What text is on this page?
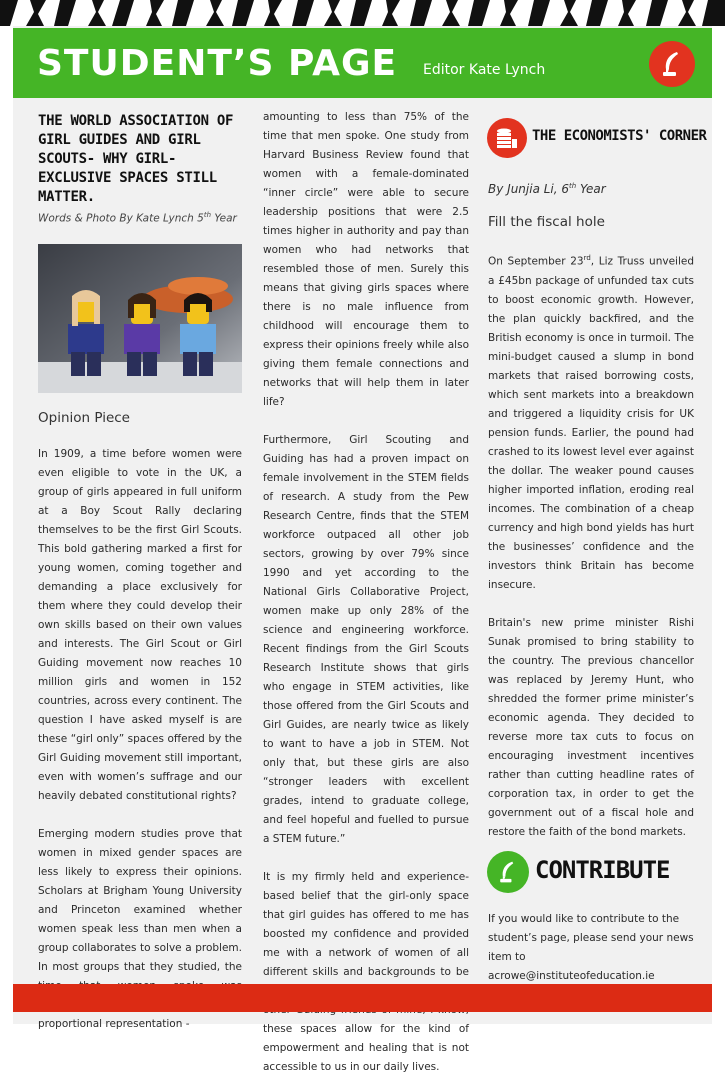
STUDENT’S PAGE Editor Kate Lynch
THE WORLD ASSOCIATION OF GIRL GUIDES AND GIRL SCOUTS- WHY GIRL-EXCLUSIVE SPACES STILL MATTER.
Words & Photo By Kate Lynch 5th Year
Opinion Piece

In 1909, a time before women were even eligible to vote in the UK, a group of girls appeared in full uniform at a Boy Scout Rally declaring themselves to be the first Girl Scouts. This bold gathering marked a first for young women, coming together and demanding a place exclusively for them where they could develop their own skills based on their own values and interests. The Girl Scout or Girl Guiding movement now reaches 10 million girls and women in 152 countries, across every continent. The question I have asked myself is are these “girl only” spaces offered by the Girl Guiding movement still important, even with women’s suffrage and our heavily debated constitutional rights?

Emerging modern studies prove that women in mixed gender spaces are less likely to express their opinions. Scholars at Brigham Young University and Princeton examined whether women speak less than men when a group collaborates to solve a problem. In most groups that they studied, the proportional representation -

amounting to less than 75% of the time that men spoke. One study from Harvard Business Review found that women with a female-dominated “inner circle” were able to secure leadership positions that were 2.5 times higher in authority and pay than women who had networks that resembled those of men. Surely this means that giving girls spaces where there is no male influence from childhood will encourage them to express their opinions freely while also giving them female connections and networks that will help them in later life?

Furthermore, Girl Scouting and Guiding has had a proven impact on female involvement in the STEM fields of research. A study from the Pew Research Centre, finds that the STEM workforce outpaced all other job sectors, growing by over 79% since 1990 and yet according to the National Girls Collaborative Project, women make up only 28% of the science and engineering workforce. Recent findings from the Girl Scouts Research Institute shows that girls who engage in STEM activities, like those offered from the Girl Scouts and Girl Guides, are nearly twice as likely to want to have a job in STEM. Not only that, but these girls are also “stronger leaders with excellent grades, intend to graduate college, and feel hopeful and fuelled to pursue a STEM future.”

It is my firmly held and experience-based belief that the girl-only space that girl guides has offered to me has boosted my confidence and provided me with a network of women of all different skills and backgrounds to be these spaces allow for the kind of empowerment and healing that is not accessible to us in our daily lives.

THE ECONOMISTS' CORNER
By Junjia Li, 6th Year
Fill the fiscal hole

On September 23rd, Liz Truss unveiled a £45bn package of unfunded tax cuts to boost economic growth. However, the plan quickly backfired, and the British economy is once in turmoil. The mini-budget caused a slump in bond markets that raised borrowing costs, which sent markets into a breakdown and triggered a liquidity crisis for UK pension funds. Earlier, the pound had crashed to its lowest level ever against the dollar. The weaker pound causes higher imported inflation, eroding real incomes. The combination of a cheap currency and high bond yields has hurt the businesses’ confidence and the investors think Britain has become insecure.

Britain's new prime minister Rishi Sunak promised to bring stability to the country. The previous chancellor was replaced by Jeremy Hunt, who shredded the former prime minister’s economic agenda. They decided to reverse more tax cuts to focus on encouraging investment incentives rather than cutting headline rates of corporation tax, in order to get the government out of a fiscal hole and restore the faith of the bond markets.

CONTRIBUTE

If you would like to contribute to the student’s page, please send your news item to acrowe@instituteofeducation.ie
